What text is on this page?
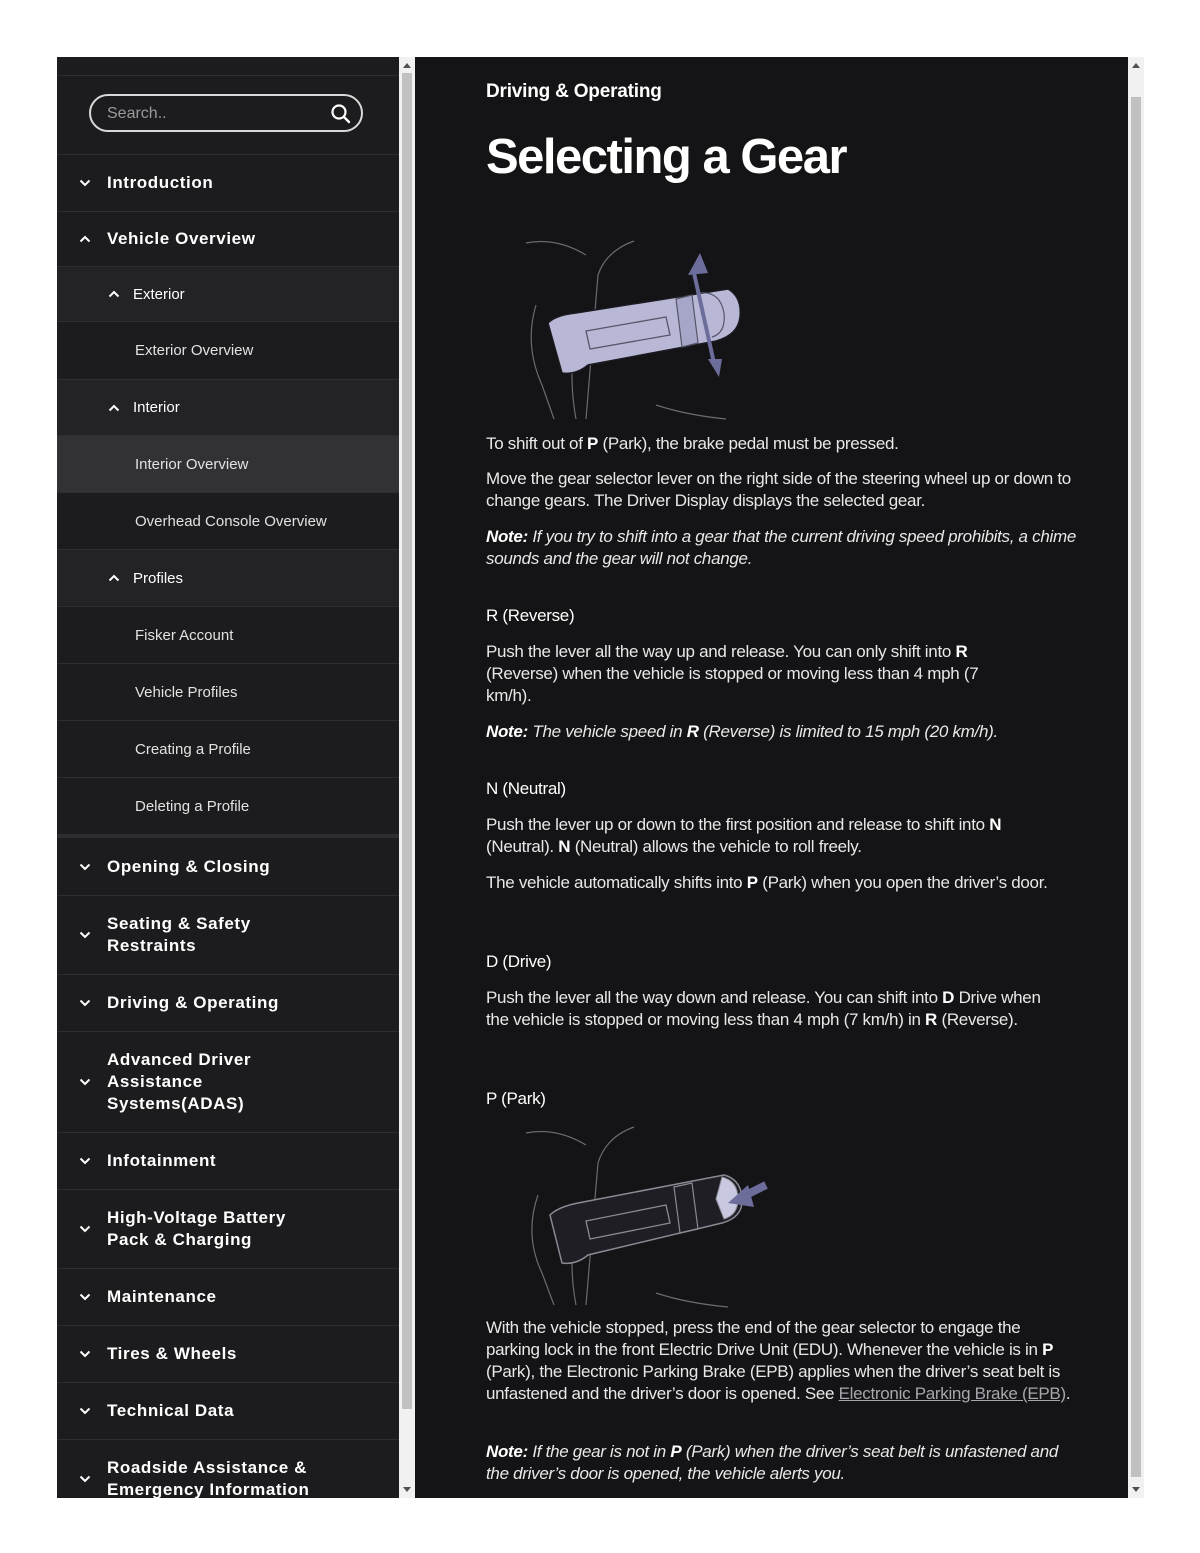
Search..
Introduction
Vehicle Overview
Exterior
Exterior Overview
Interior
Interior Overview
Overhead Console Overview
Profiles
Fisker Account
Vehicle Profiles
Creating a Profile
Deleting a Profile
Opening & Closing
Seating & Safety Restraints
Driving & Operating
Advanced Driver Assistance Systems(ADAS)
Infotainment
High-Voltage Battery Pack & Charging
Maintenance
Tires & Wheels
Technical Data
Roadside Assistance & Emergency Information
Driving & Operating
Selecting a Gear
To shift out of P (Park), the brake pedal must be pressed.
Move the gear selector lever on the right side of the steering wheel up or down to change gears. The Driver Display displays the selected gear.
Note: If you try to shift into a gear that the current driving speed prohibits, a chime sounds and the gear will not change.
R (Reverse)
Push the lever all the way up and release. You can only shift into R (Reverse) when the vehicle is stopped or moving less than 4 mph (7 km/h).
Note: The vehicle speed in R (Reverse) is limited to 15 mph (20 km/h).
N (Neutral)
Push the lever up or down to the first position and release to shift into N (Neutral). N (Neutral) allows the vehicle to roll freely.
The vehicle automatically shifts into P (Park) when you open the driver’s door.
D (Drive)
Push the lever all the way down and release. You can shift into D Drive when the vehicle is stopped or moving less than 4 mph (7 km/h) in R (Reverse).
P (Park)
With the vehicle stopped, press the end of the gear selector to engage the parking lock in the front Electric Drive Unit (EDU). Whenever the vehicle is in P (Park), the Electronic Parking Brake (EPB) applies when the driver’s seat belt is unfastened and the driver’s door is opened. See Electronic Parking Brake (EPB).
Note: If the gear is not in P (Park) when the driver’s seat belt is unfastened and the driver’s door is opened, the vehicle alerts you.
